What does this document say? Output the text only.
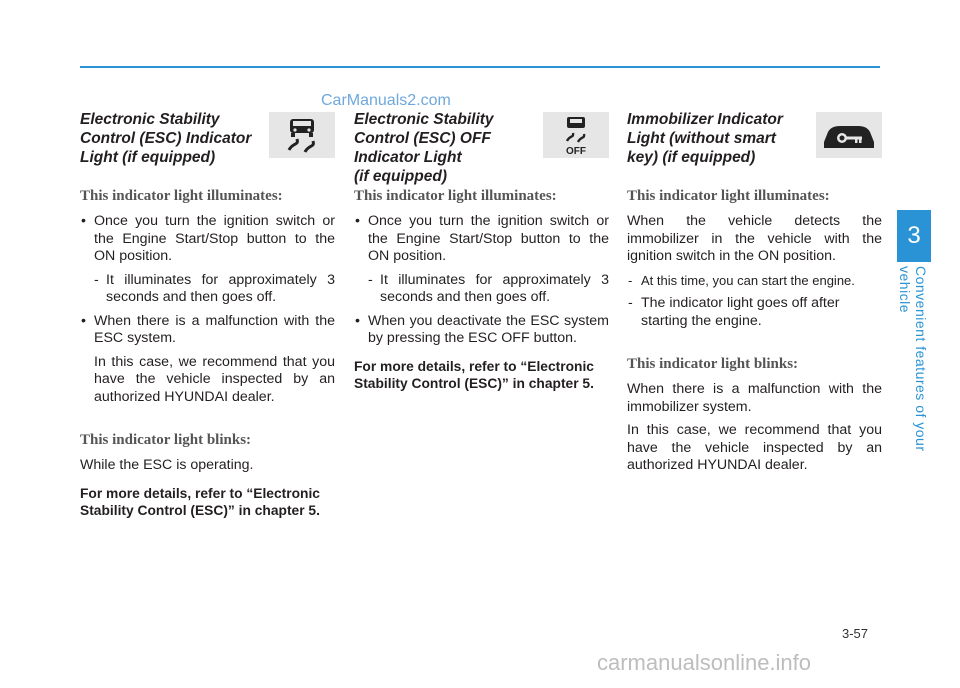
CarManuals2.com
Electronic Stability
Control (ESC) Indicator
Light (if equipped)
This indicator light illuminates:
• Once you turn the ignition switch or the Engine Start/Stop button to the ON position.
- It illuminates for approximately 3 seconds and then goes off.
• When there is a malfunction with the ESC system.
In this case, we recommend that you have the vehicle inspected by an authorized HYUNDAI dealer.
This indicator light blinks:
While the ESC is operating.
For more details, refer to “Electronic Stability Control (ESC)” in chapter 5.
Electronic Stability
Control (ESC) OFF
Indicator Light
(if equipped)
OFF
This indicator light illuminates:
• Once you turn the ignition switch or the Engine Start/Stop button to the ON position.
- It illuminates for approximately 3 seconds and then goes off.
• When you deactivate the ESC system by pressing the ESC OFF button.
For more details, refer to “Electronic Stability Control (ESC)” in chapter 5.
Immobilizer Indicator
Light (without smart
key) (if equipped)
This indicator light illuminates:
When the vehicle detects the immobilizer in the vehicle with the ignition switch in the ON position.
- At this time, you can start the engine.
- The indicator light goes off after starting the engine.
This indicator light blinks:
When there is a malfunction with the immobilizer system.
In this case, we recommend that you have the vehicle inspected by an authorized HYUNDAI dealer.
3
Convenient features of your vehicle
3-57
carmanualsonline.info
